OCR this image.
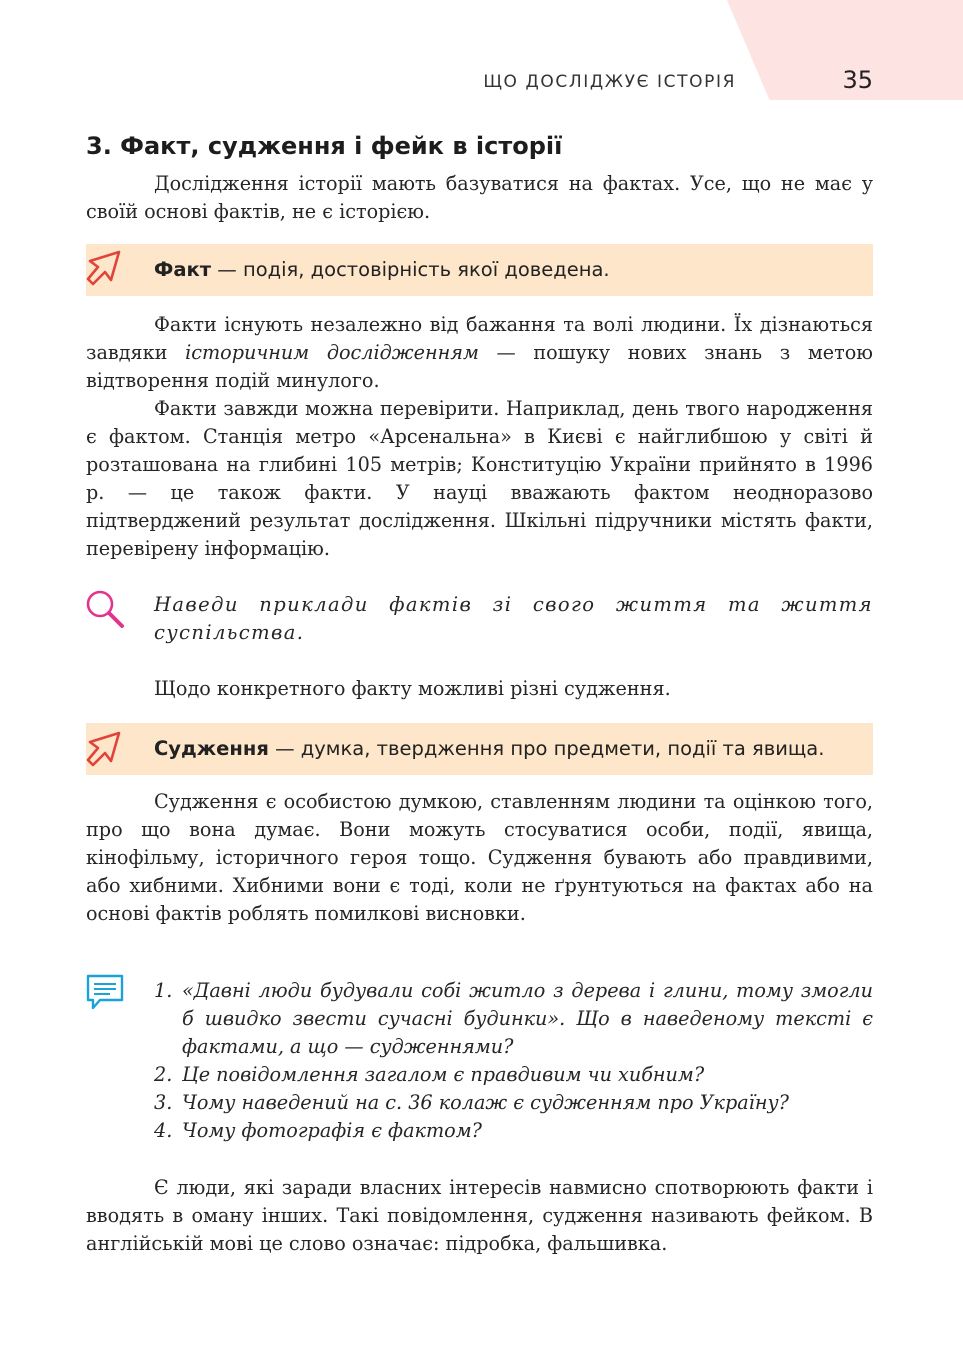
ЩО ДОСЛІДЖУЄ ІСТОРІЯ	35
3. Факт, судження і фейк в історії

Дослідження історії мають базуватися на фактах. Усе, що не має у своїй основі фактів, не є історією.

Факт — подія, достовірність якої доведена.

Факти існують незалежно від бажання та волі людини. Їх дізнаються завдяки історичним дослідженням — пошуку нових знань з метою відтворення подій минулого.

Факти завжди можна перевірити. Наприклад, день твого народження є фактом. Станція метро «Арсенальна» в Києві є найглибшою у світі й розташована на глибині 105 метрів; Конституцію України прийнято в 1996 р. — це також факти. У науці вважають фактом неодноразово підтверджений результат дослідження. Шкільні підручники містять факти, перевірену інформацію.

Наведи приклади фактів зі свого життя та життя суспільства.

Щодо конкретного факту можливі різні судження.

Судження — думка, твердження про предмети, події та явища.

Судження є особистою думкою, ставленням людини та оцінкою того, про що вона думає. Вони можуть стосуватися особи, події, явища, кінофільму, історичного героя тощо. Судження бувають або правдивими, або хибними. Хибними вони є тоді, коли не ґрунтуються на фактах або на основі фактів роблять помилкові висновки.

1. «Давні люди будували собі житло з дерева і глини, тому змогли б швидко звести сучасні будинки». Що в наведеному тексті є фактами, а що — судженнями?
2. Це повідомлення загалом є правдивим чи хибним?
3. Чому наведений на с. 36 колаж є судженням про Україну?
4. Чому фотографія є фактом?

Є люди, які заради власних інтересів навмисно спотворюють факти і вводять в оману інших. Такі повідомлення, судження називають фейком. В англійській мові це слово означає: підробка, фальшивка.
